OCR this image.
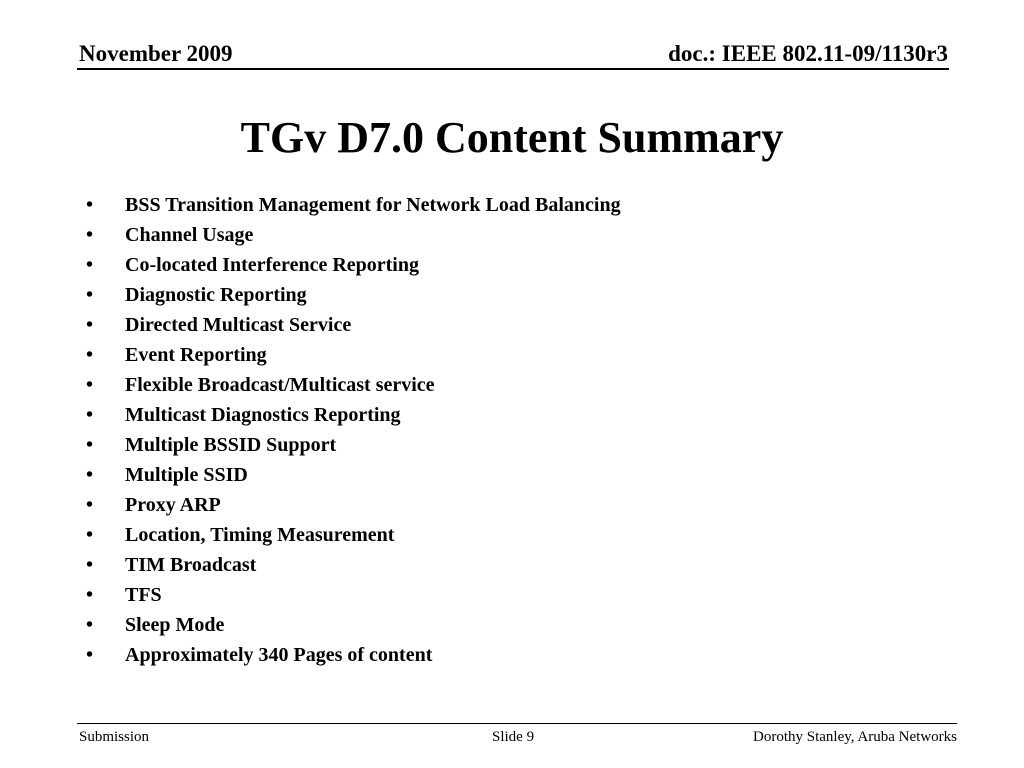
November 2009	doc.: IEEE 802.11-09/1130r3
TGv D7.0 Content Summary
•	BSS Transition Management for Network Load Balancing
•	Channel Usage
•	Co-located Interference Reporting
•	Diagnostic Reporting
•	Directed Multicast Service
•	Event Reporting
•	Flexible Broadcast/Multicast service
•	Multicast Diagnostics Reporting
•	Multiple BSSID Support
•	Multiple SSID
•	Proxy ARP
•	Location, Timing Measurement
•	TIM Broadcast
•	TFS
•	Sleep Mode
•	Approximately 340 Pages of content
Submission	Slide 9	Dorothy Stanley, Aruba Networks
